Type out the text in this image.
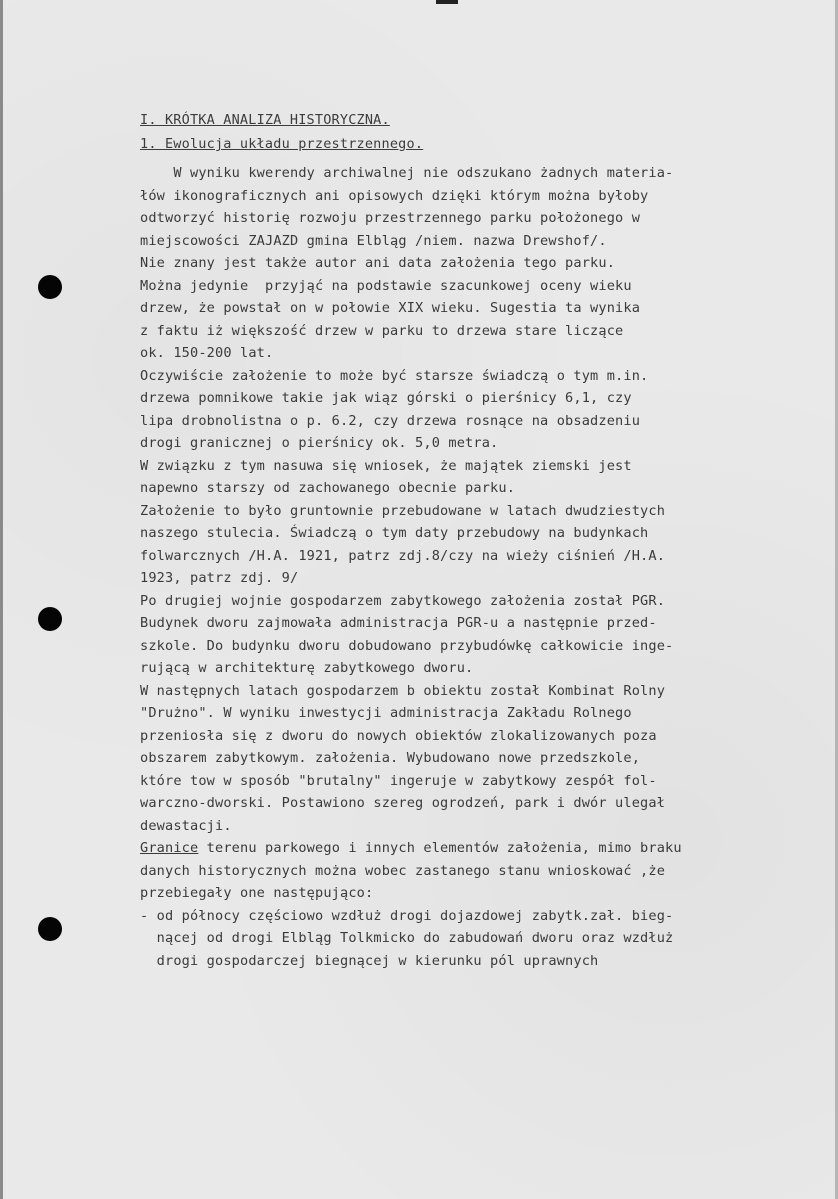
I. KRÓTKA ANALIZA HISTORYCZNA.
1. Ewolucja układu przestrzennego.
W wyniku kwerendy archiwalnej nie odszukano żadnych materia-
łów ikonograficznych ani opisowych dzięki którym można byłoby
odtworzyć historię rozwoju przestrzennego parku położonego w
miejscowości ZAJAZD gmina Elbląg /niem. nazwa Drewshof/.
Nie znany jest także autor ani data założenia tego parku.
Można jedynie  przyjąć na podstawie szacunkowej oceny wieku
drzew, że powstał on w połowie XIX wieku. Sugestia ta wynika
z faktu iż większość drzew w parku to drzewa stare liczące
ok. 150-200 lat.
Oczywiście założenie to może być starsze świadczą o tym m.in.
drzewa pomnikowe takie jak wiąz górski o pierśnicy 6,1, czy
lipa drobnolistna o p. 6.2, czy drzewa rosnące na obsadzeniu
drogi granicznej o pierśnicy ok. 5,0 metra.
W związku z tym nasuwa się wniosek, że majątek ziemski jest
napewno starszy od zachowanego obecnie parku.
Założenie to było gruntownie przebudowane w latach dwudziestych
naszego stulecia. Świadczą o tym daty przebudowy na budynkach
folwarcznych /H.A. 1921, patrz zdj.8/czy na wieży ciśnień /H.A.
1923, patrz zdj. 9/
Po drugiej wojnie gospodarzem zabytkowego założenia został PGR.
Budynek dworu zajmowała administracja PGR-u a następnie przed-
szkole. Do budynku dworu dobudowano przybudówkę całkowicie inge-
rującą w architekturę zabytkowego dworu.
W następnych latach gospodarzem b obiektu został Kombinat Rolny
"Drużno". W wyniku inwestycji administracja Zakładu Rolnego
przeniosła się z dworu do nowych obiektów zlokalizowanych poza
obszarem zabytkowym. założenia. Wybudowano nowe przedszkole,
które tow w sposób "brutalny" ingeruje w zabytkowy zespół fol-
warczno-dworski. Postawiono szereg ogrodzeń, park i dwór ulegał
dewastacji.
Granice terenu parkowego i innych elementów założenia, mimo braku
danych historycznych można wobec zastanego stanu wnioskować ,że
przebiegały one następująco:
- od północy częściowo wzdłuż drogi dojazdowej zabytk.zał. bieg-
nącej od drogi Elbląg Tolkmicko do zabudowań dworu oraz wzdłuż
drogi gospodarczej biegnącej w kierunku pól uprawnych
